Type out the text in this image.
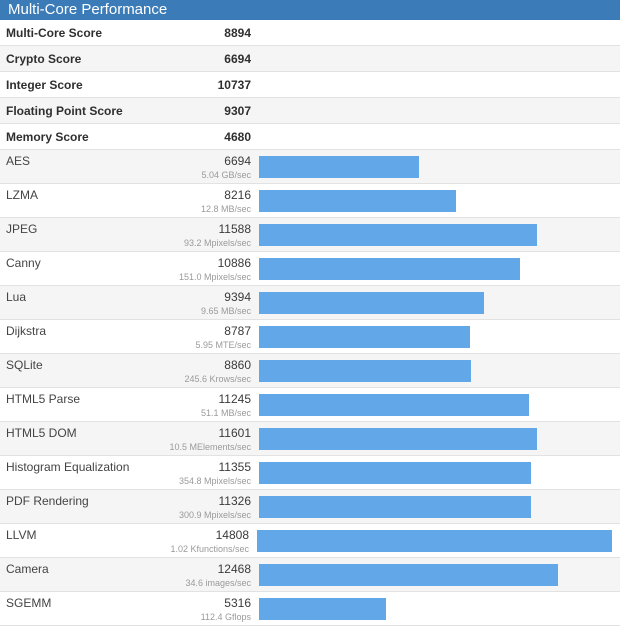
Multi-Core Performance
Multi-Core Score	8894
Crypto Score	6694
Integer Score	10737
Floating Point Score	9307
Memory Score	4680
AES	6694
5.04 GB/sec
LZMA	8216
12.8 MB/sec
JPEG	11588
93.2 Mpixels/sec
Canny	10886
151.0 Mpixels/sec
Lua	9394
9.65 MB/sec
Dijkstra	8787
5.95 MTE/sec
SQLite	8860
245.6 Krows/sec
HTML5 Parse	11245
51.1 MB/sec
HTML5 DOM	11601
10.5 MElements/sec
Histogram Equalization	11355
354.8 Mpixels/sec
PDF Rendering	11326
300.9 Mpixels/sec
LLVM	14808
1.02 Kfunctions/sec
Camera	12468
34.6 images/sec
SGEMM	5316
112.4 Gflops
